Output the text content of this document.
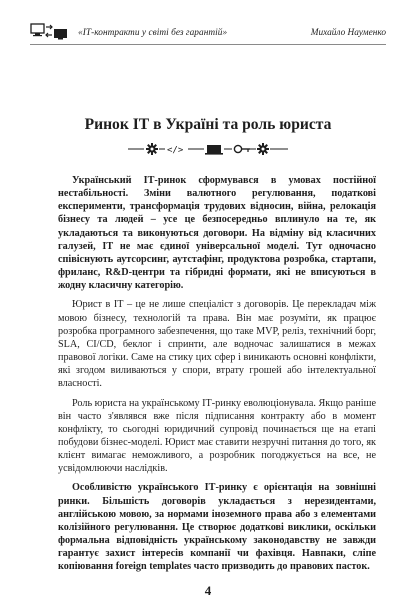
«ІТ-контракти у світі без гарантій»	Михайло Науменко
Ринок ІТ в Україні та роль юриста
</>

Український ІТ-ринок сформувався в умовах постійної нестабільності. Зміни валютного регулювання, податкові експерименти, трансформація трудових відносин, війна, релокація бізнесу та людей – усе це безпосередньо вплинуло на те, як укладаються та виконуються договори. На відміну від класичних галузей, ІТ не має єдиної універсальної моделі. Тут одночасно співіснують аутсорсинг, аутстафінг, продуктова розробка, стартапи, фриланс, R&D-центри та гібридні формати, які не вписуються в жодну класичну категорію.

Юрист в ІТ – це не лише спеціаліст з договорів. Це перекладач між мовою бізнесу, технологій та права. Він має розуміти, як працює розробка програмного забезпечення, що таке MVP, реліз, технічний борг, SLA, CI/CD, беклог і спринти, але водночас залишатися в межах правової логіки. Саме на стику цих сфер і виникають основні конфлікти, які згодом виливаються у спори, втрату грошей або інтелектуальної власності.

Роль юриста на українському ІТ-ринку еволюціонувала. Якщо раніше він часто з'являвся вже після підписання контракту або в момент конфлікту, то сьогодні юридичний супровід починається ще на етапі побудови бізнес-моделі. Юрист має ставити незручні питання до того, як клієнт вимагає неможливого, а розробник погоджується на все, не усвідомлюючи наслідків.

Особливістю українського ІТ-ринку є орієнтація на зовнішні ринки. Більшість договорів укладається з нерезидентами, англійською мовою, за нормами іноземного права або з елементами колізійного регулювання. Це створює додаткові виклики, оскільки формальна відповідність українському законодавству не завжди гарантує захист інтересів компанії чи фахівця. Навпаки, сліпе копіювання foreign templates часто призводить до правових пасток.

4
